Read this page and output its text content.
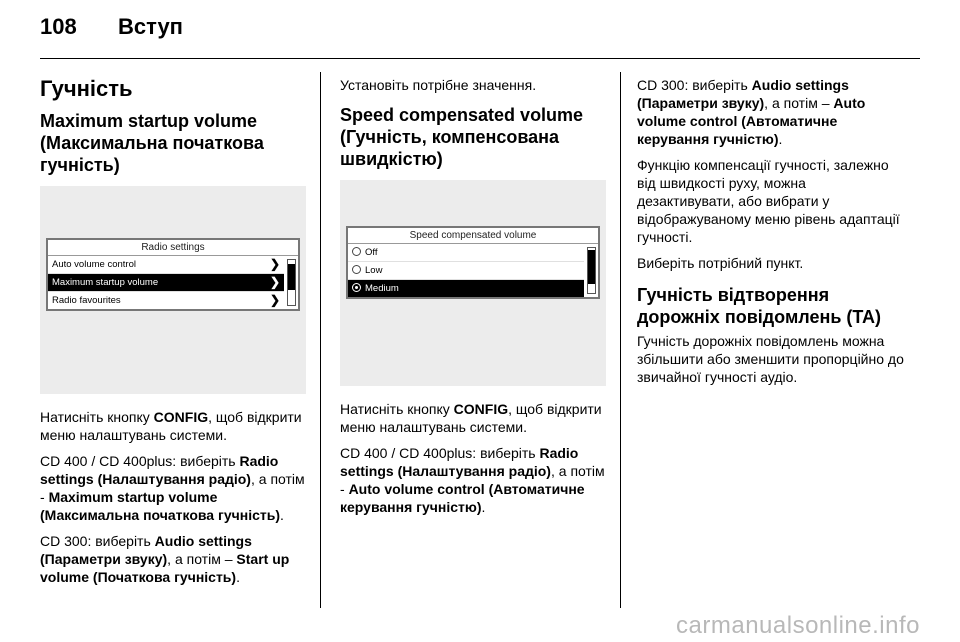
108 Вступ
Гучність
Maximum startup volume (Максимальна початкова гучність)
Radio settings
Auto volume control	❯
Maximum startup volume	❯
Radio favourites	❯

Натисніть кнопку CONFIG, щоб відкрити меню налаштувань системи.

CD 400 / CD 400plus: виберіть Radio settings (Налаштування радіо), а потім - Maximum startup volume (Максимальна початкова гучність).

CD 300: виберіть Audio settings (Параметри звуку), а потім – Start up volume (Початкова гучність).

Установіть потрібне значення.

Speed compensated volume (Гучність, компенсована швидкістю)
Speed compensated volume
Off
Low
Medium

Натисніть кнопку CONFIG, щоб відкрити меню налаштувань системи.

CD 400 / CD 400plus: виберіть Radio settings (Налаштування радіо), а потім - Auto volume control (Автоматичне керування гучністю).

CD 300: виберіть Audio settings (Параметри звуку), а потім – Auto volume control (Автоматичне керування гучністю).

Функцію компенсації гучності, залежно від швидкості руху, можна дезактивувати, або вибрати у відображуваному меню рівень адаптації гучності.

Виберіть потрібний пункт.

Гучність відтворення дорожніх повідомлень (TA)

Гучність дорожніх повідомлень можна збільшити або зменшити пропорційно до звичайної гучності аудіо.

carmanualsonline.info
